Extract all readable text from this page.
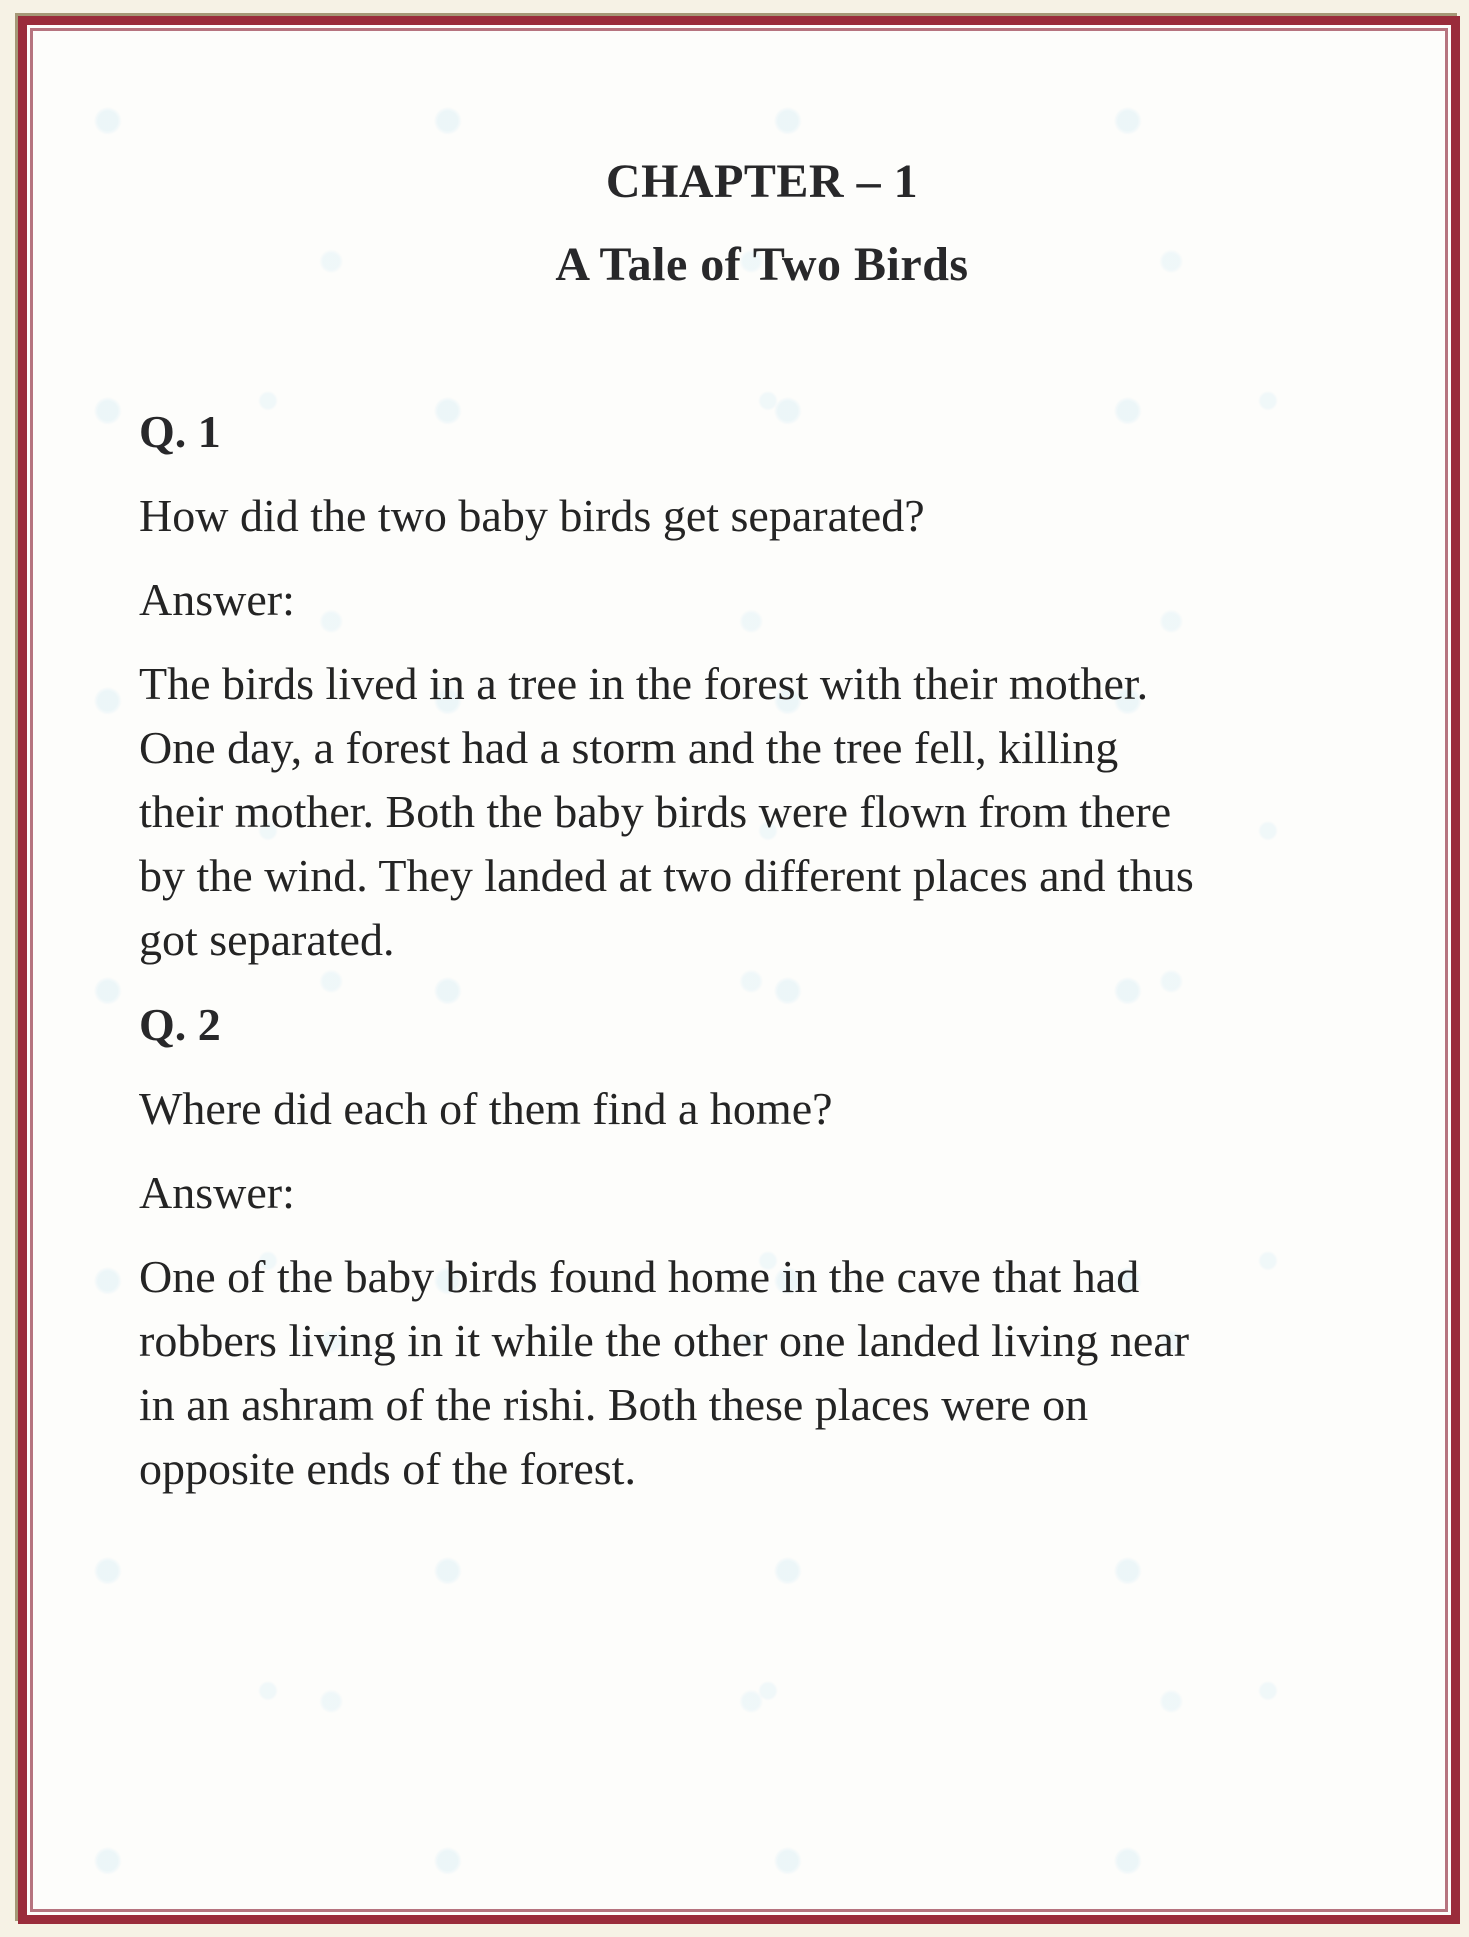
CHAPTER – 1
A Tale of Two Birds
Q. 1
How did the two baby birds get separated?
Answer:
The birds lived in a tree in the forest with their mother.
One day, a forest had a storm and the tree fell, killing
their mother. Both the baby birds were flown from there
by the wind. They landed at two different places and thus
got separated.
Q. 2
Where did each of them find a home?
Answer:
One of the baby birds found home in the cave that had
robbers living in it while the other one landed living near
in an ashram of the rishi. Both these places were on
opposite ends of the forest.
